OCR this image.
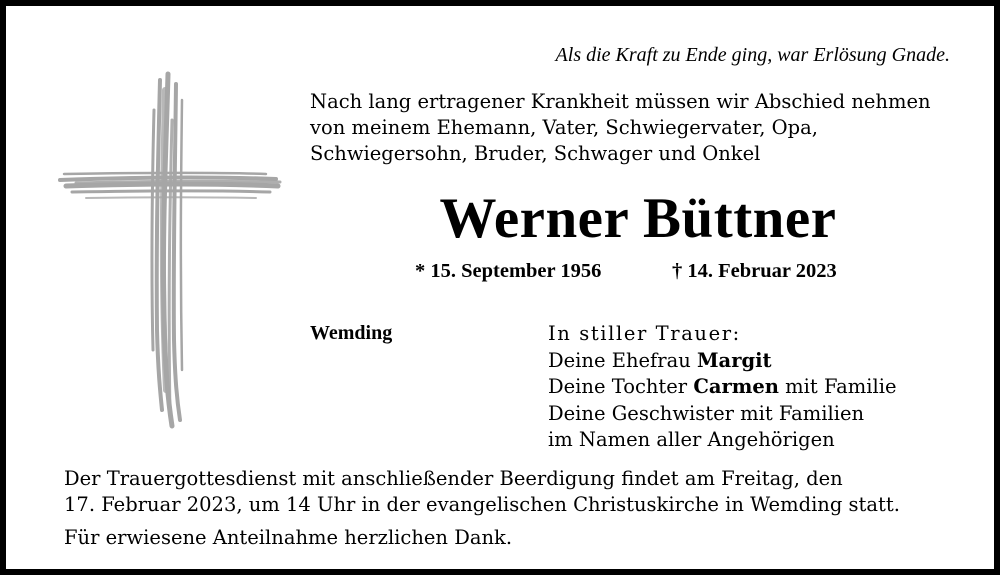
Als die Kraft zu Ende ging, war Erlösung Gnade.
Nach lang ertragener Krankheit müssen wir Abschied nehmen
von meinem Ehemann, Vater, Schwiegervater, Opa,
Schwiegersohn, Bruder, Schwager und Onkel
Werner Büttner
* 15. September 1956	† 14. Februar 2023
Wemding	In stiller Trauer:
Deine Ehefrau Margit
Deine Tochter Carmen mit Familie
Deine Geschwister mit Familien
im Namen aller Angehörigen
Der Trauergottesdienst mit anschließender Beerdigung findet am Freitag, den
17. Februar 2023, um 14 Uhr in der evangelischen Christuskirche in Wemding statt.
Für erwiesene Anteilnahme herzlichen Dank.
